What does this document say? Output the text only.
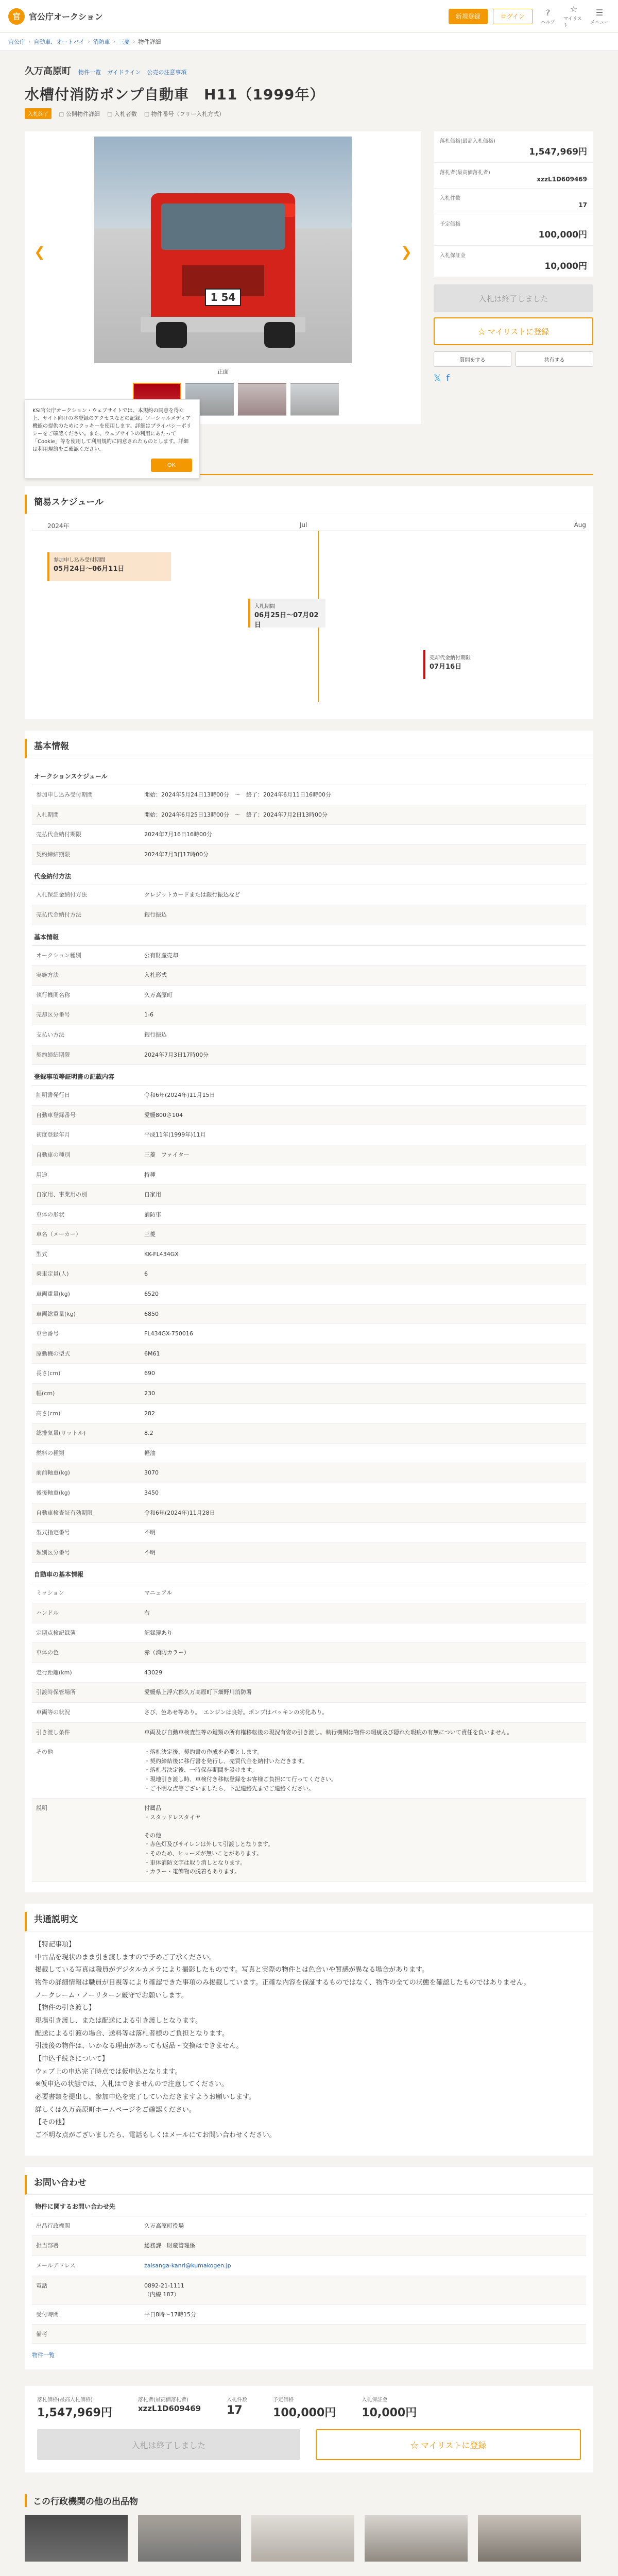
官	官公庁オークション	新規登録	ログイン	?
ヘルプ
☆
マイリスト
☰
メニュー
官公庁 › 自動車、オートバイ › 消防車 › 三菱 › 物件詳細
久万高原町 物件一覧 ガイドライン 公売の注意事項
水槽付消防ポンプ自動車　H11（1999年）
入札終了	▢ 公開物件詳細	▢ 入札者数	▢ 物件番号（フリー入札方式）
1 54
正面
❮	❯
KSI官公庁オークション・ウェブサイトでは、本規約の同意を得た上、サイト向けの本登録のアクセスなどの記録、ソーシャルメディア機能の提供のためにクッキーを使用します。詳細はプライバシーポリシーをご確認ください。また、ウェブサイトの利用にあたって「Cookie」等を使用して利用規約に同意されたものとします。詳細は利用規約をご確認ください。
OK
落札価格(最高入札価格)
1,547,969円
落札者(最高価落札者)
xzzL1D609469
入札件数
17
予定価格
100,000円
入札保証金
10,000円
入札は終了しました ☆ マイリストに登録
質問をする	共有する
𝕏 f
簡易スケジュール
2024年	Jul	Aug
参加申し込み受付期間
05月24日～06月11日
入札期間
06月25日～07月02日
売却代金納付期限
07月16日
基本情報
オークションスケジュール
参加申し込み受付期間	開始：2024年5月24日13時00分　～　終了：2024年6月11日16時00分
入札期間	開始：2024年6月25日13時00分　～　終了：2024年7月2日13時00分
売払代金納付期限	2024年7月16日16時00分
契約締結期限	2024年7月3日17時00分
代金納付方法
入札保証金納付方法	クレジットカードまたは銀行振込など
売払代金納付方法	銀行振込
基本情報
オークション種別	公有財産売却
実施方法	入札形式
執行機関名称	久万高原町
売却区分番号	1-6
支払い方法	銀行振込
契約締結期限	2024年7月3日17時00分
登録事項等証明書の記載内容
証明書発行日	令和6年(2024年)11月15日
自動車登録番号	愛媛800さ104
初度登録年月	平成11年(1999年)11月
自動車の種別	三菱　ファイター
用途	特種
自家用、事業用の別	自家用
車体の形状	消防車
車名（メーカー）	三菱
型式	KK-FL434GX
乗車定員(人)	6
車両重量(kg)	6520
車両総重量(kg)	6850
車台番号	FL434GX-750016
原動機の型式	6M61
長さ(cm)	690
幅(cm)	230
高さ(cm)	282
総排気量(リットル)	8.2
燃料の種類	軽油
前前軸重(kg)	3070
後後軸重(kg)	3450
自動車検査証有効期限	令和6年(2024年)11月28日
型式指定番号	不明
類別区分番号	不明
自動車の基本情報
ミッション	マニュアル
ハンドル	右
定期点検記録簿	記録簿あり
車体の色	赤（消防カラー）
走行距離(km)	43029
引渡時保管場所	愛媛県上浮穴郡久万高原町下畑野川消防署
車両等の状況	さび、色あせ等あり。　エンジンは良好。ポンプはパッキンの劣化あり。
引き渡し条件	車両及び自動車検査証等の鍵類の所有権移転後の現況有姿の引き渡し。執行機関は物件の瑕疵及び隠れた瑕疵の有無について責任を負いません。
その他	・落札決定後、契約書の作成を必要とします。
・契約締結後に移行書を発行し、売買代金を納付いただきます。
・落札者決定後、一時保存期間を設けます。
・現地引き渡し時、車検付き移転登録をお客様ご負担にて行ってください。
・ご不明な点等ございましたら、下記連絡先までご連絡ください。
説明	付属品
・スタッドレスタイヤ

その他
・赤色灯及びサイレンは外して引渡しとなります。
・そのため、ヒューズが無いことがあります。
・車体消防文字は取り消しとなります。
・カラー・電飾物の脱着もあります。
共通説明文
【特記事項】
中古品を現状のまま引き渡しますので予めご了承ください。
掲載している写真は職員がデジタルカメラにより撮影したものです。写真と実際の物件とは色合いや質感が異なる場合があります。
物件の詳細情報は職員が目視等により確認できた事項のみ掲載しています。正確な内容を保証するものではなく、物件の全ての状態を確認したものではありません。
ノークレーム・ノーリターン厳守でお願いします。
【物件の引き渡し】
現場引き渡し、または配送による引き渡しとなります。
配送による引渡の場合、送料等は落札者様のご負担となります。
引渡後の物件は、いかなる理由があっても返品・交換はできません。
【申込手続きについて】
ウェブ上の申込完了時点では仮申込となります。
※仮申込の状態では、入札はできませんので注意してください。
必要書類を提出し、参加申込を完了していただきますようお願いします。
詳しくは久万高原町ホームページをご確認ください。
【その他】
ご不明な点がございましたら、電話もしくはメールにてお問い合わせください。
お問い合わせ
物件に関するお問い合わせ先
出品行政機関	久万高原町役場
担当部署	総務課　財産管理係
メールアドレス	zaisanga-kanri@kumakogen.jp
電話	0892-21-1111
（内線 187）
受付時間	平日8時～17時15分
備考
物件一覧
落札価格(最高入札価格)
1,547,969円
落札者(最高価落札者)
xzzL1D609469
入札件数
17
予定価格
100,000円
入札保証金
10,000円
入札は終了しました	☆ マイリストに登録
この行政機関の他の出品物
